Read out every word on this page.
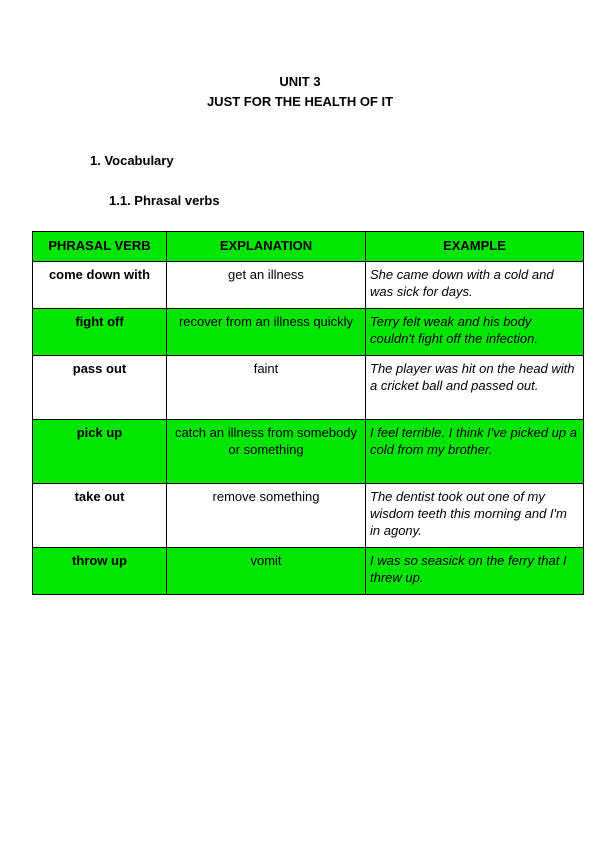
UNIT 3
JUST FOR THE HEALTH OF IT
1. Vocabulary
1.1. Phrasal verbs
PHRASAL VERB	EXPLANATION	EXAMPLE
come down with	get an illness	She came down with a cold and was sick for days.
fight off	recover from an illness quickly	Terry felt weak and his body couldn't fight off the infection.
pass out	faint	The player was hit on the head with a cricket ball and passed out.
pick up	catch an illness from somebody or something	I feel terrible. I think I've picked up a cold from my brother.
take out	remove something	The dentist took out one of my wisdom teeth this morning and I'm in agony.
throw up	vomit	I was so seasick on the ferry that I threw up.
